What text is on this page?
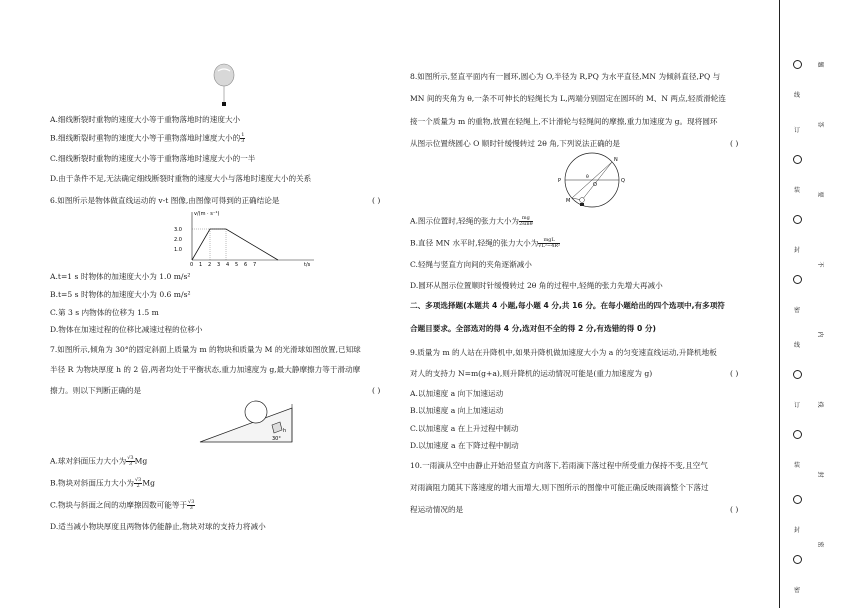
A.细线断裂时重物的速度大小等于重物落地时的速度大小
B.细线断裂时重物的速度大小等于重物落地时速度大小的 $\frac{1}{3}$
C.细线断裂时重物的速度大小等于重物落地时速度大小的一半
D.由于条件不足,无法确定细线断裂时重物的速度大小与落地时速度大小的关系
6.如图所示是物体做直线运动的 v-t 图像,由图像可得到的正确结论是	( )
v/(m · s⁻¹)
3.0
2.0
1.0
0 1 2 3 4 5 6 7	t/s
A.t=1 s 时物体的加速度大小为 1.0 m/s²
B.t=5 s 时物体的加速度大小为 0.6 m/s²
C.第 3 s 内物体的位移为 1.5 m
D.物体在加速过程的位移比减速过程的位移小
7.如图所示,倾角为 30°的固定斜面上质量为 m 的物块和质量为 M 的光滑球如图放置,已知球
半径 R 为物块厚度 h 的 2 倍,两者均处于平衡状态,重力加速度为 g,最大静摩擦力等于滑动摩
擦力。则以下判断正确的是	( )
h
30°
A.球对斜面压力大小为 $\frac{√3}{3}$ Mg
B.物块对斜面压力大小为 $\frac{√3}{2}$ Mg
C.物块与斜面之间的动摩擦因数可能等于 $\frac{√3}{3}$
D.适当减小物块厚度且两物体仍能静止,物块对球的支持力将减小
8.如图所示,竖直平面内有一圆环,圆心为 O,半径为 R,PQ 为水平直径,MN 为倾斜直径,PQ 与
MN 间的夹角为 θ,一条不可伸长的轻绳长为 L,两端分别固定在圆环的 M、N 两点,轻质滑轮连
接一个质量为 m 的重物,放置在轻绳上,不计滑轮与轻绳间的摩擦,重力加速度为 g。现将圆环
从图示位置绕圆心 O 顺时针缓慢转过 2θ 角,下列说法正确的是	( )
N
P
θ
O
Q
M
A.图示位置时,轻绳的张力大小为 $\frac{mg}{2\sin\theta}$
B.直径 MN 水平时,轻绳的张力大小为 $\frac{\text{mgL}}{\text{√L²−4R²}}$
C.轻绳与竖直方向间的夹角逐渐减小
D.圆环从图示位置顺时针缓慢转过 2θ 角的过程中,轻绳的张力先增大再减小
二、多项选择题(本题共 4 小题,每小题 4 分,共 16 分。在每小题给出的四个选项中,有多项符
合题目要求。全部选对的得 4 分,选对但不全的得 2 分,有选错的得 0 分)
9.质量为 m 的人站在升降机中,如果升降机做加速度大小为 a 的匀变速直线运动,升降机地板
对人的支持力 N=m(g+a),则升降机的运动情况可能是(重力加速度为 g)	( )
A.以加速度 a 向下加速运动
B.以加速度 a 向上加速运动
C.以加速度 a 在上升过程中制动
D.以加速度 a 在下降过程中制动
10.一雨滴从空中由静止开始沿竖直方向落下,若雨滴下落过程中所受重力保持不变,且空气
对雨滴阻力随其下落速度的增大而增大,则下图所示的图像中可能正确反映雨滴整个下落过
程运动情况的是	( )
线
订
装
封
密
线
订
装
封
密
题
答
要
不
内
线
封
密
